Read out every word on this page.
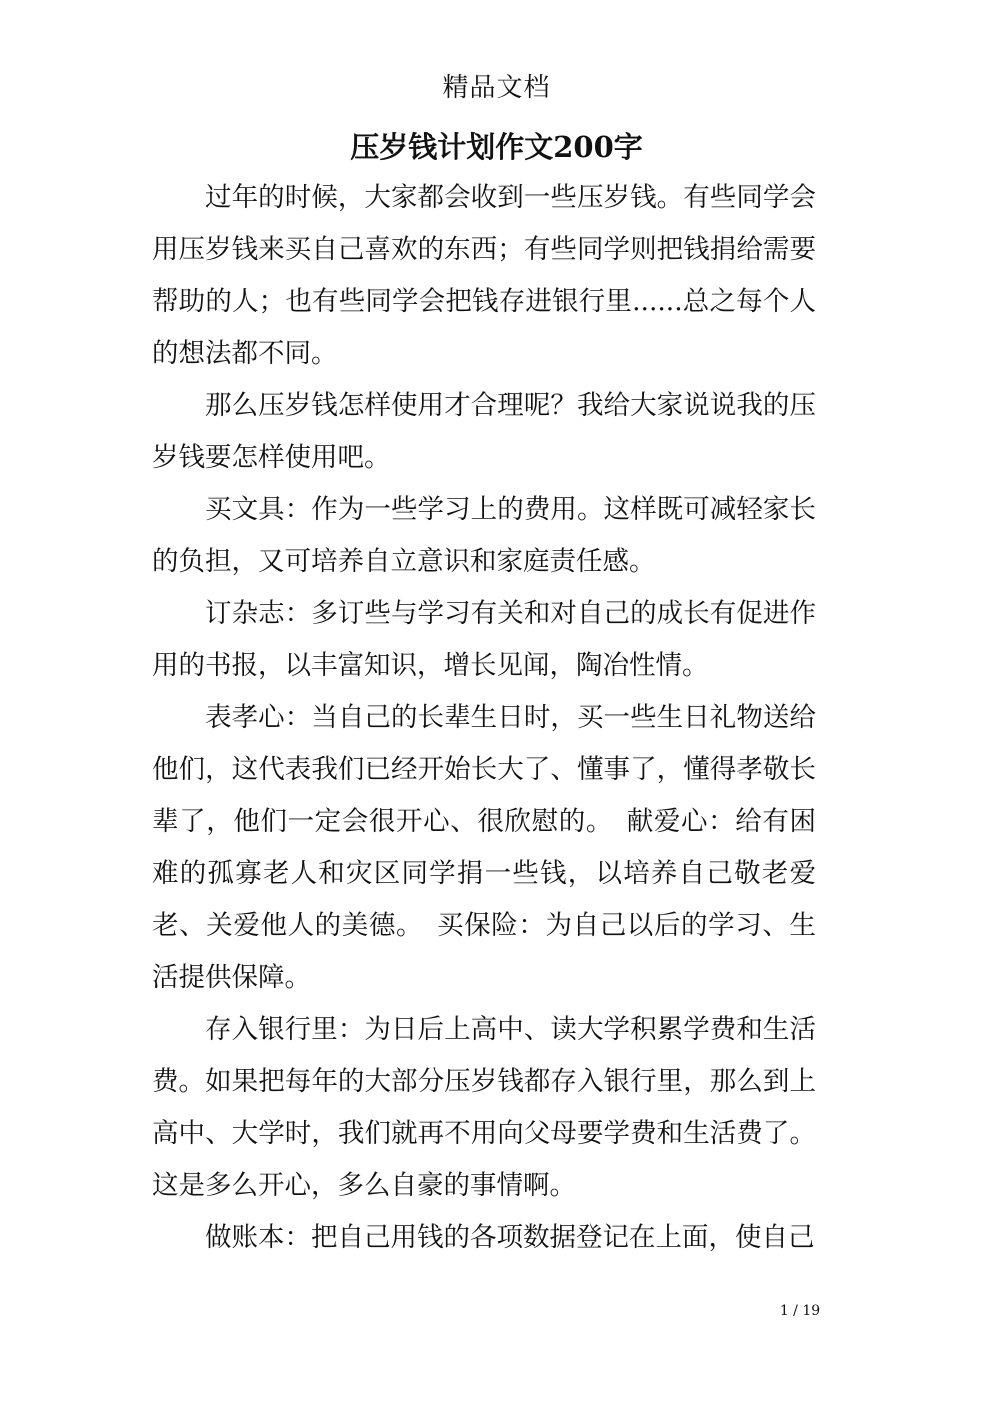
精品文档
压岁钱计划作文200字

过年的时候，大家都会收到一些压岁钱。有些同学会用压岁钱来买自己喜欢的东西；有些同学则把钱捐给需要帮助的人；也有些同学会把钱存进银行里......总之每个人的想法都不同。

那么压岁钱怎样使用才合理呢？我给大家说说我的压岁钱要怎样使用吧。

买文具：作为一些学习上的费用。这样既可减轻家长的负担，又可培养自立意识和家庭责任感。

订杂志：多订些与学习有关和对自己的成长有促进作用的书报，以丰富知识，增长见闻，陶冶性情。

表孝心：当自己的长辈生日时，买一些生日礼物送给他们，这代表我们已经开始长大了、懂事了，懂得孝敬长辈了，他们一定会很开心、很欣慰的。　献爱心：给有困难的孤寡老人和灾区同学捐一些钱，以培养自己敬老爱老、关爱他人的美德。　买保险：为自己以后的学习、生活提供保障。

存入银行里：为日后上高中、读大学积累学费和生活费。如果把每年的大部分压岁钱都存入银行里，那么到上高中、大学时，我们就再不用向父母要学费和生活费了。这是多么开心，多么自豪的事情啊。

做账本：把自己用钱的各项数据登记在上面，使自己

1 / 19
